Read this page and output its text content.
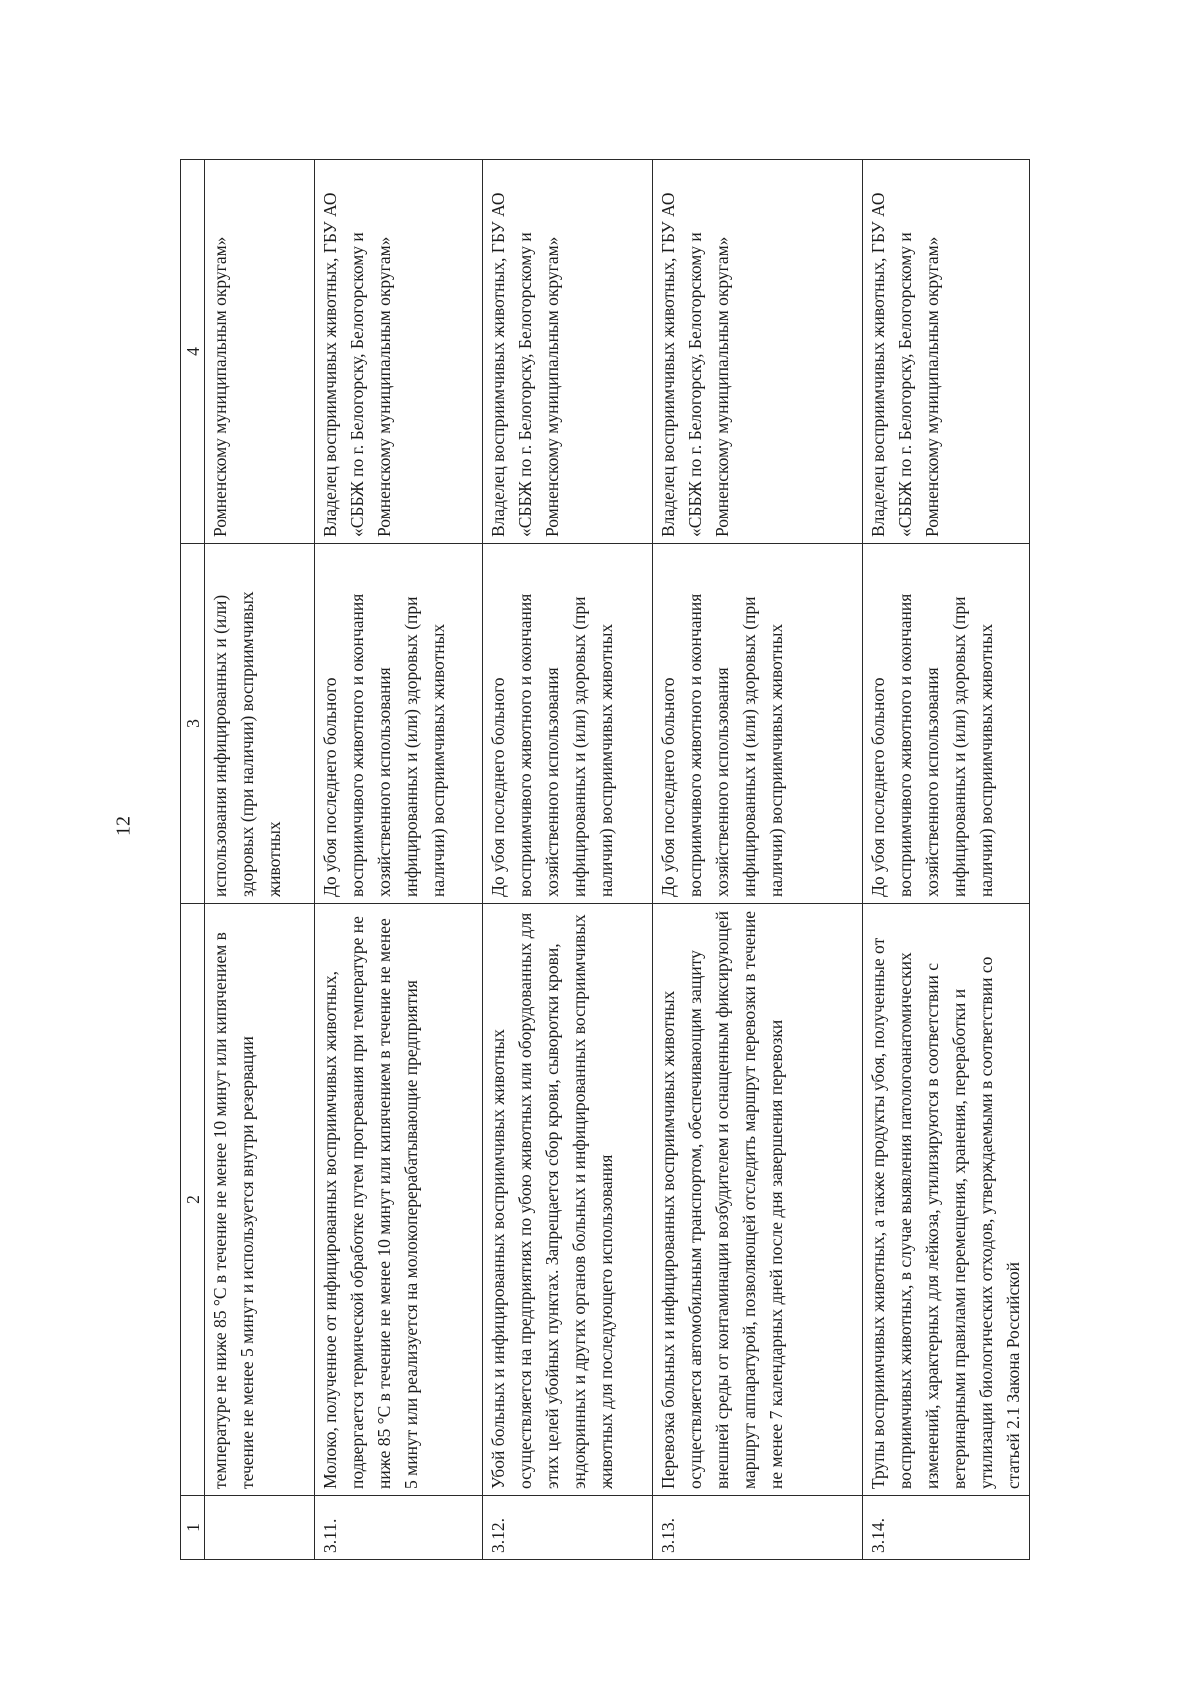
12
1	2	3	4
	температуре не ниже 85 °С в течение не менее 10 минут или кипячением в течение не менее 5 минут и используется внутри резервации	использования инфицированных и (или) здоровых (при наличии) восприимчивых животных	Ромненскому муниципальным округам»
3.11.	Молоко, полученное от инфицированных восприимчивых животных, подвергается термической обработке путем прогревания при температуре не ниже 85 °С в течение не менее 10 минут или кипячением в течение не менее 5 минут или реализуется на молокоперерабатывающие предприятия	До убоя последнего больного восприимчивого животного и окончания хозяйственного использования инфицированных и (или) здоровых (при наличии) восприимчивых животных	Владелец восприимчивых животных, ГБУ АО «СББЖ по г. Белогорску, Белогорскому и Ромненскому муниципальным округам»
3.12.	Убой больных и инфицированных восприимчивых животных осуществляется на предприятиях по убою животных или оборудованных для этих целей убойных пунктах. Запрещается сбор крови, сыворотки крови, эндокринных и других органов больных и инфицированных восприимчивых животных для последующего использования	До убоя последнего больного восприимчивого животного и окончания хозяйственного использования инфицированных и (или) здоровых (при наличии) восприимчивых животных	Владелец восприимчивых животных, ГБУ АО «СББЖ по г. Белогорску, Белогорскому и Ромненскому муниципальным округам»
3.13.	Перевозка больных и инфицированных восприимчивых животных осуществляется автомобильным транспортом, обеспечивающим защиту внешней среды от контаминации возбудителем и оснащенным фиксирующей маршрут аппаратурой, позволяющей отследить маршрут перевозки в течение не менее 7 календарных дней после дня завершения перевозки	До убоя последнего больного восприимчивого животного и окончания хозяйственного использования инфицированных и (или) здоровых (при наличии) восприимчивых животных	Владелец восприимчивых животных, ГБУ АО «СББЖ по г. Белогорску, Белогорскому и Ромненскому муниципальным округам»
3.14.	Трупы восприимчивых животных, а также продукты убоя, полученные от восприимчивых животных, в случае выявления патологоанатомических изменений, характерных для лейкоза, утилизируются в соответствии с ветеринарными правилами перемещения, хранения, переработки и утилизации биологических отходов, утверждаемыми в соответствии со статьей 2.1 Закона Российской	До убоя последнего больного восприимчивого животного и окончания хозяйственного использования инфицированных и (или) здоровых (при наличии) восприимчивых животных	Владелец восприимчивых животных, ГБУ АО «СББЖ по г. Белогорску, Белогорскому и Ромненскому муниципальным округам»
